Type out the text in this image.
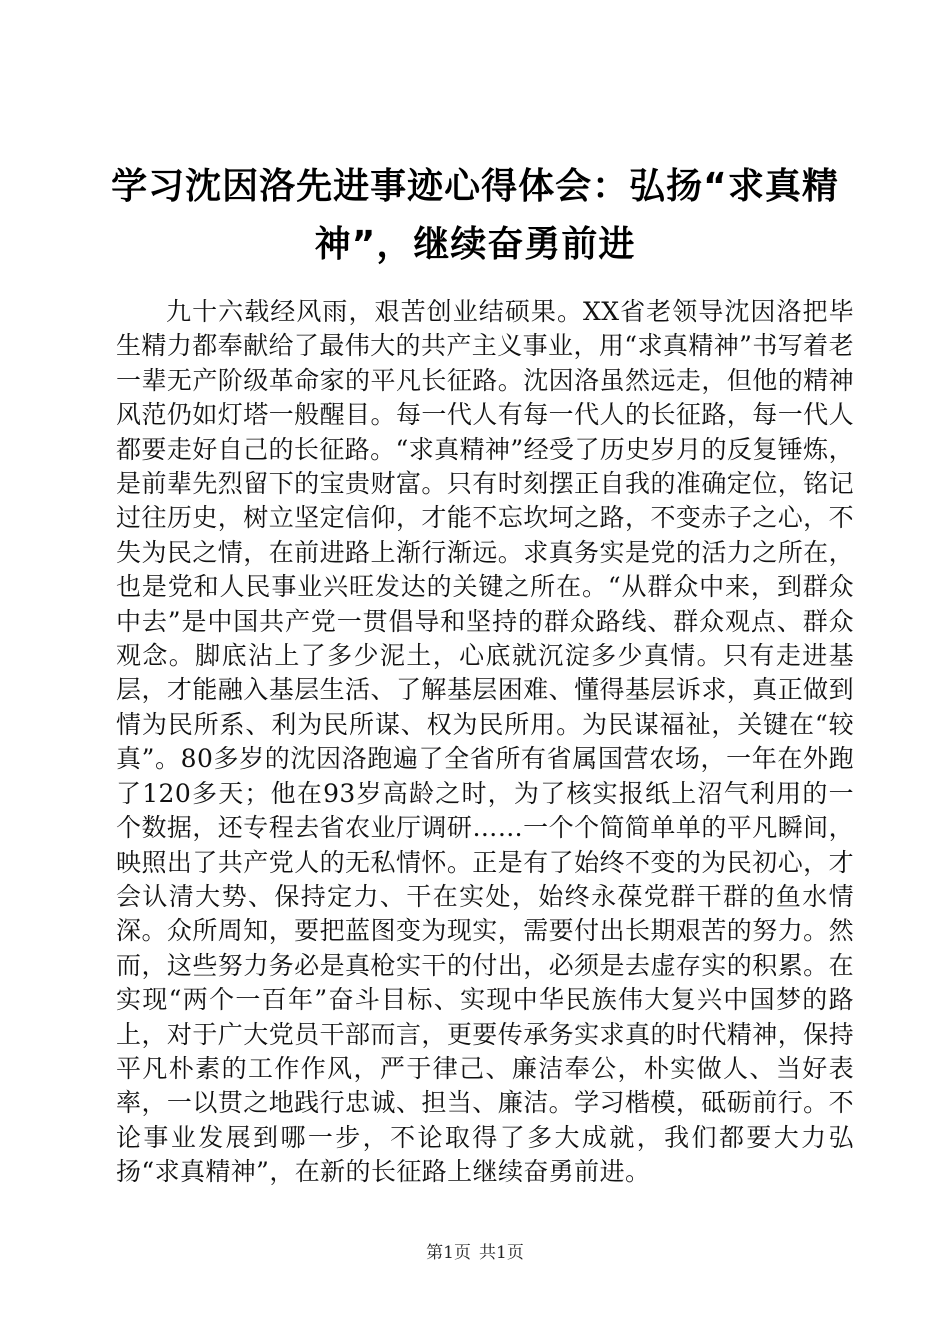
学习沈因洛先进事迹心得体会：弘扬“求真精神”，继续奋勇前进

九十六载经风雨，艰苦创业结硕果。XX省老领导沈因洛把毕生精力都奉献给了最伟大的共产主义事业，用“求真精神”书写着老一辈无产阶级革命家的平凡长征路。沈因洛虽然远走，但他的精神风范仍如灯塔一般醒目。每一代人有每一代人的长征路，每一代人都要走好自己的长征路。“求真精神”经受了历史岁月的反复锤炼，是前辈先烈留下的宝贵财富。只有时刻摆正自我的准确定位，铭记过往历史，树立坚定信仰，才能不忘坎坷之路，不变赤子之心，不失为民之情，在前进路上渐行渐远。求真务实是党的活力之所在，也是党和人民事业兴旺发达的关键之所在。“从群众中来，到群众中去”是中国共产党一贯倡导和坚持的群众路线、群众观点、群众观念。脚底沾上了多少泥土，心底就沉淀多少真情。只有走进基层，才能融入基层生活、了解基层困难、懂得基层诉求，真正做到情为民所系、利为民所谋、权为民所用。为民谋福祉，关键在“较真”。80多岁的沈因洛跑遍了全省所有省属国营农场，一年在外跑了120多天；他在93岁高龄之时，为了核实报纸上沼气利用的一个数据，还专程去省农业厅调研……一个个简简单单的平凡瞬间，映照出了共产党人的无私情怀。正是有了始终不变的为民初心，才会认清大势、保持定力、干在实处，始终永葆党群干群的鱼水情深。众所周知，要把蓝图变为现实，需要付出长期艰苦的努力。然而，这些努力务必是真枪实干的付出，必须是去虚存实的积累。在实现“两个一百年”奋斗目标、实现中华民族伟大复兴中国梦的路上，对于广大党员干部而言，更要传承务实求真的时代精神，保持平凡朴素的工作作风，严于律己、廉洁奉公，朴实做人、当好表率，一以贯之地践行忠诚、担当、廉洁。学习楷模，砥砺前行。不论事业发展到哪一步，不论取得了多大成就，我们都要大力弘扬“求真精神”，在新的长征路上继续奋勇前进。

第1页 共1页
